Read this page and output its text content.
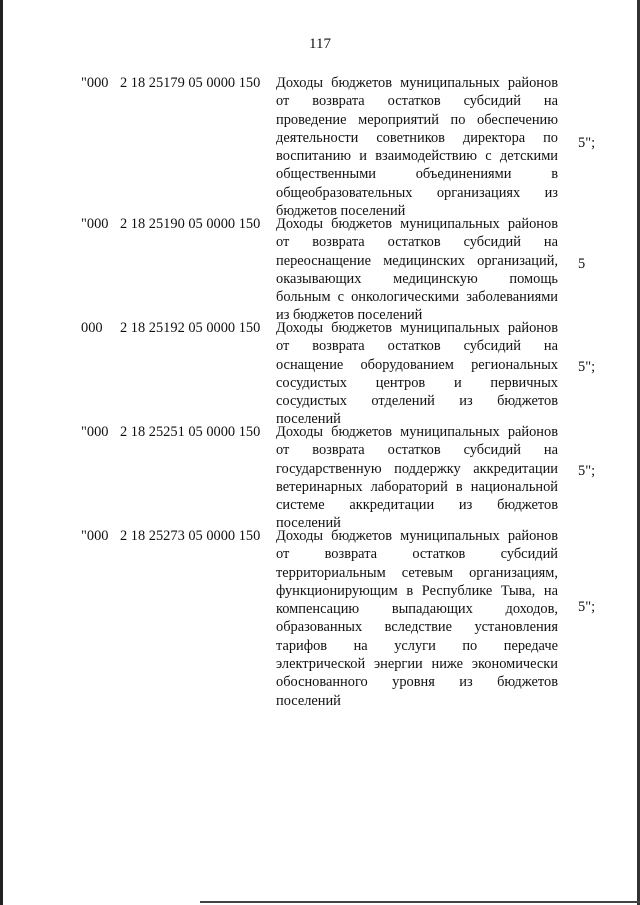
117
"000 2 18 25179 05 0000 150 Доходы бюджетов муниципальных районов
от возврата остатков субсидий на
проведение мероприятий по обеспечению
деятельности советников директора по
воспитанию и взаимодействию с детскими
общественными объединениями в
общеобразовательных организациях из
бюджетов поселений
5";
"000 2 18 25190 05 0000 150 Доходы бюджетов муниципальных районов
от возврата остатков субсидий на
переоснащение медицинских организаций,
оказывающих медицинскую помощь
больным с онкологическими заболеваниями
из бюджетов поселений
5
000 2 18 25192 05 0000 150 Доходы бюджетов муниципальных районов
от возврата остатков субсидий на
оснащение оборудованием региональных
сосудистых центров и первичных
сосудистых отделений из бюджетов
поселений
5";
"000 2 18 25251 05 0000 150 Доходы бюджетов муниципальных районов
от возврата остатков субсидий на
государственную поддержку аккредитации
ветеринарных лабораторий в национальной
системе аккредитации из бюджетов
поселений
5";
"000 2 18 25273 05 0000 150 Доходы бюджетов муниципальных районов
от возврата остатков субсидий
территориальным сетевым организациям,
функционирующим в Республике Тыва, на
компенсацию выпадающих доходов,
образованных вследствие установления
тарифов на услуги по передаче
электрической энергии ниже экономически
обоснованного уровня из бюджетов
поселений
5";
